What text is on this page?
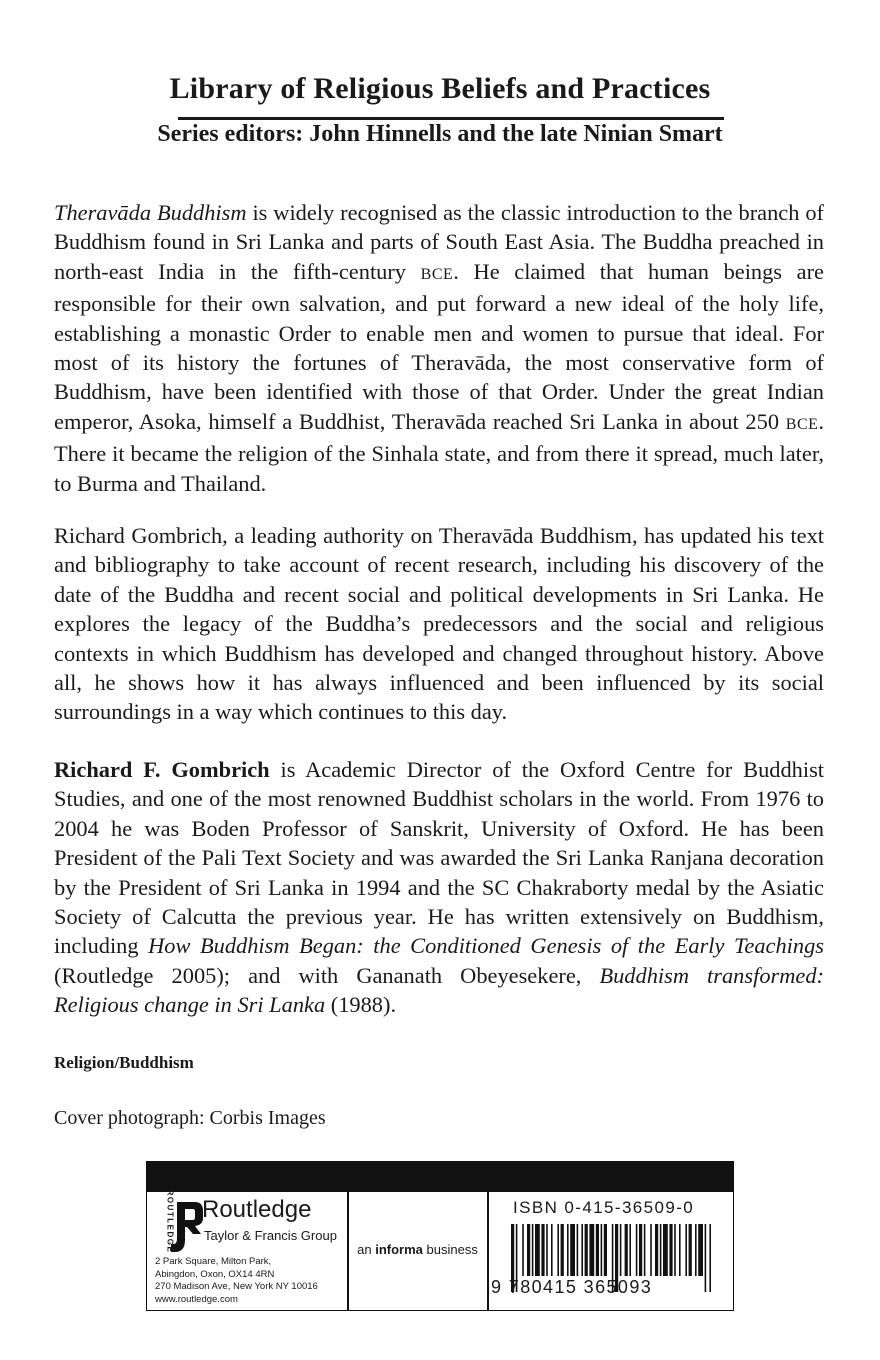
Library of Religious Beliefs and Practices
Series editors: John Hinnells and the late Ninian Smart

Theravāda Buddhism is widely recognised as the classic introduction to the branch of Buddhism found in Sri Lanka and parts of South East Asia. The Buddha preached in north-east India in the fifth-century BCE. He claimed that human beings are responsible for their own salvation, and put forward a new ideal of the holy life, establishing a monastic Order to enable men and women to pursue that ideal. For most of its history the fortunes of Theravāda, the most conservative form of Buddhism, have been identified with those of that Order. Under the great Indian emperor, Asoka, himself a Buddhist, Theravāda reached Sri Lanka in about 250 BCE. There it became the religion of the Sinhala state, and from there it spread, much later, to Burma and Thailand.

Richard Gombrich, a leading authority on Theravāda Buddhism, has updated his text and bibliography to take account of recent research, including his discovery of the date of the Buddha and recent social and political developments in Sri Lanka. He explores the legacy of the Buddha’s predecessors and the social and religious contexts in which Buddhism has developed and changed throughout history. Above all, he shows how it has always influenced and been influenced by its social surroundings in a way which continues to this day.

Richard F. Gombrich is Academic Director of the Oxford Centre for Buddhist Studies, and one of the most renowned Buddhist scholars in the world. From 1976 to 2004 he was Boden Professor of Sanskrit, University of Oxford. He has been President of the Pali Text Society and was awarded the Sri Lanka Ranjana decoration by the President of Sri Lanka in 1994 and the SC Chakraborty medal by the Asiatic Society of Calcutta the previous year. He has written extensively on Buddhism, including How Buddhism Began: the Conditioned Genesis of the Early Teachings (Routledge 2005); and with Gananath Obeyesekere, Buddhism transformed: Religious change in Sri Lanka (1988).

Religion/Buddhism
Cover photograph: Corbis Images
ROUTLEDGE Routledge
Taylor & Francis Group
2 Park Square, Milton Park,
Abingdon, Oxon, OX14 4RN
270 Madison Ave, New York NY 10016
www.routledge.com
an informa business
ISBN 0-415-36509-0
9 780415 365093
